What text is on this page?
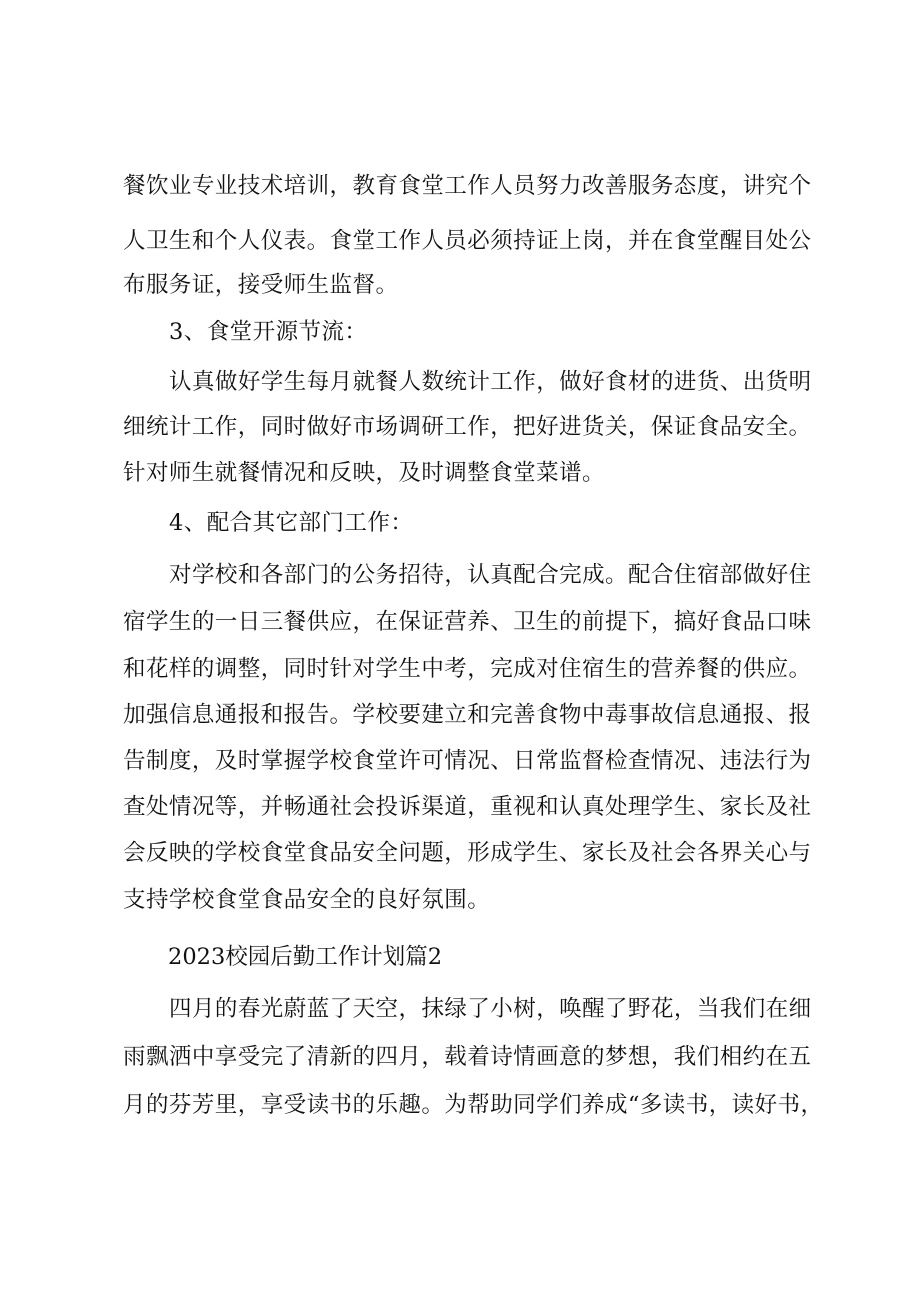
餐饮业专业技术培训，教育食堂工作人员努力改善服务态度，讲究个
人卫生和个人仪表。食堂工作人员必须持证上岗，并在食堂醒目处公
布服务证，接受师生监督。
3、食堂开源节流：
认真做好学生每月就餐人数统计工作，做好食材的进货、出货明
细统计工作，同时做好市场调研工作，把好进货关，保证食品安全。
针对师生就餐情况和反映，及时调整食堂菜谱。
4、配合其它部门工作：
对学校和各部门的公务招待，认真配合完成。配合住宿部做好住
宿学生的一日三餐供应，在保证营养、卫生的前提下，搞好食品口味
和花样的调整，同时针对学生中考，完成对住宿生的营养餐的供应。
加强信息通报和报告。学校要建立和完善食物中毒事故信息通报、报
告制度，及时掌握学校食堂许可情况、日常监督检查情况、违法行为
查处情况等，并畅通社会投诉渠道，重视和认真处理学生、家长及社
会反映的学校食堂食品安全问题，形成学生、家长及社会各界关心与
支持学校食堂食品安全的良好氛围。
2023校园后勤工作计划篇2
四月的春光蔚蓝了天空，抹绿了小树，唤醒了野花，当我们在细
雨飘洒中享受完了清新的四月，载着诗情画意的梦想，我们相约在五
月的芬芳里，享受读书的乐趣。为帮助同学们养成“多读书，读好书，
